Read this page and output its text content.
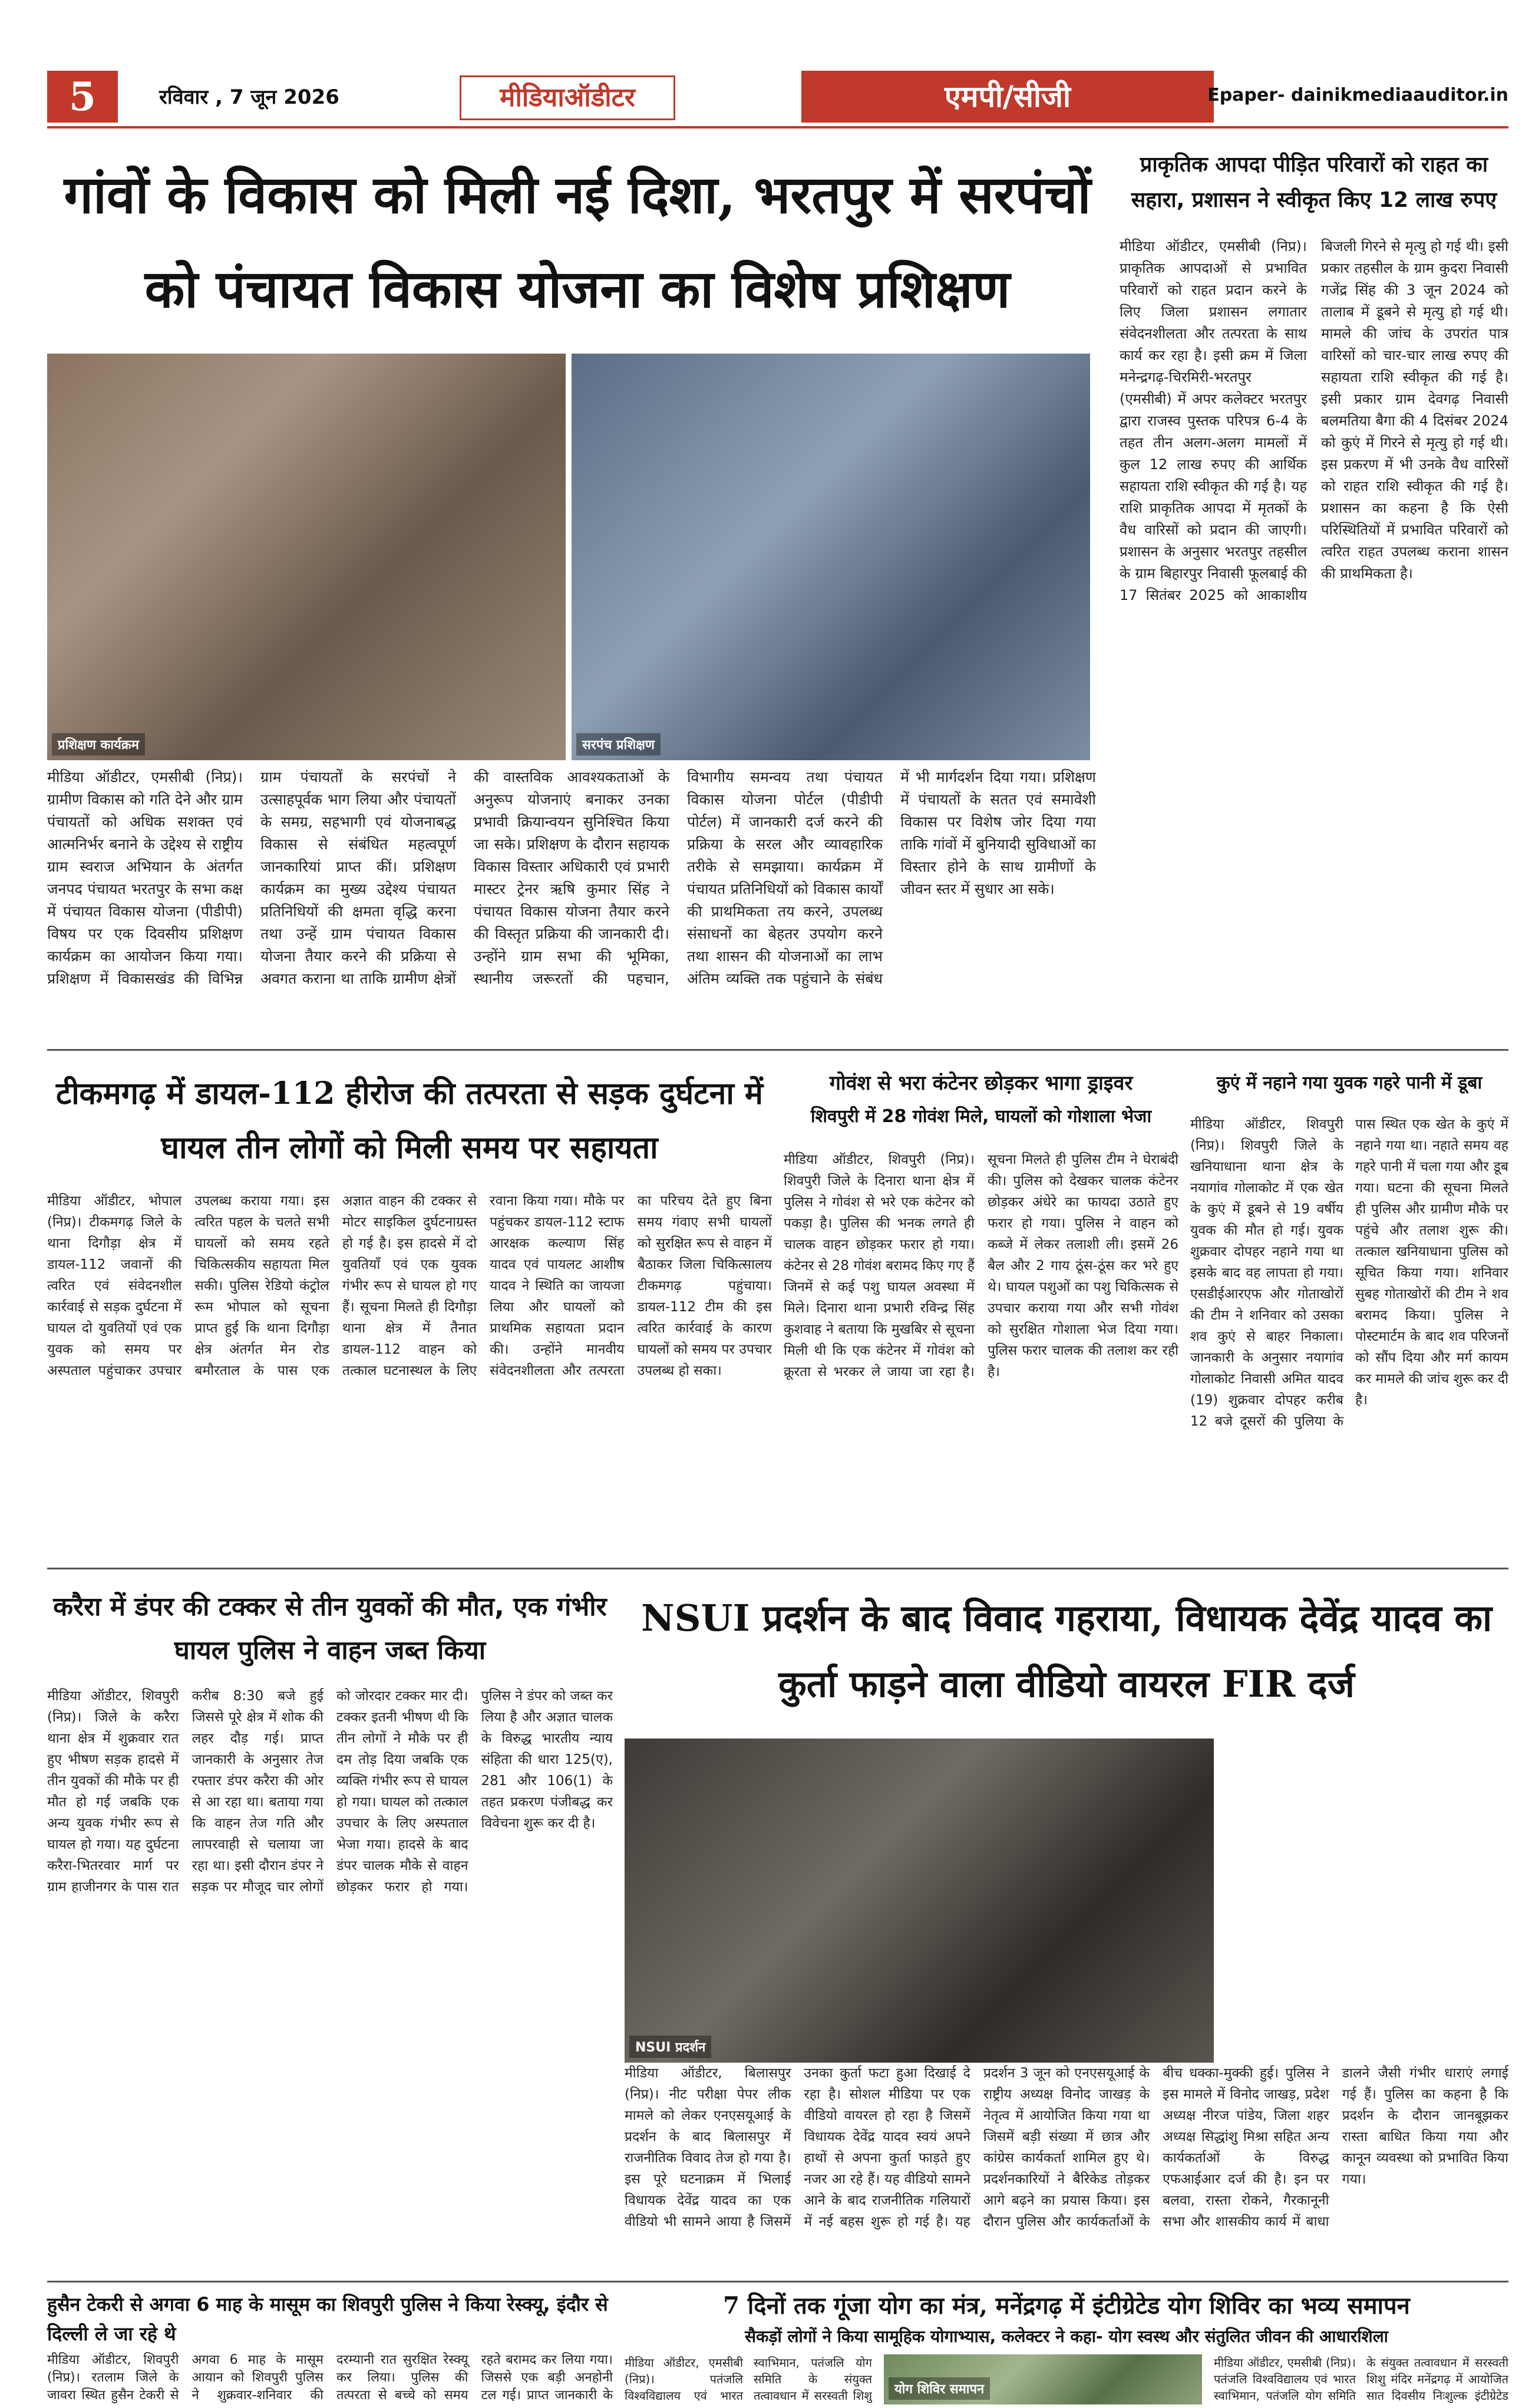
5	रविवार , 7 जून 2026	मीडियाऑडीटर	एमपी/सीजी	Epaper- dainikmediaauditor.in
गांवों के विकास को मिली नई दिशा, भरतपुर में सरपंचों को पंचायत विकास योजना का विशेष प्रशिक्षण
प्रशिक्षण कार्यक्रम	सरपंच प्रशिक्षण
मीडिया ऑडीटर, एमसीबी (निप्र)। ग्रामीण विकास को गति देने और ग्राम पंचायतों को अधिक सशक्त एवं आत्मनिर्भर बनाने के उद्देश्य से राष्ट्रीय ग्राम स्वराज अभियान के अंतर्गत जनपद पंचायत भरतपुर के सभा कक्ष में पंचायत विकास योजना (पीडीपी) विषय पर एक दिवसीय प्रशिक्षण कार्यक्रम का आयोजन किया गया। प्रशिक्षण में विकासखंड की विभिन्न ग्राम पंचायतों के सरपंचों ने उत्साहपूर्वक भाग लिया और पंचायतों के समग्र, सहभागी एवं योजनाबद्ध विकास से संबंधित महत्वपूर्ण जानकारियां प्राप्त कीं। प्रशिक्षण कार्यक्रम का मुख्य उद्देश्य पंचायत प्रतिनिधियों की क्षमता वृद्धि करना तथा उन्हें ग्राम पंचायत विकास योजना तैयार करने की प्रक्रिया से अवगत कराना था ताकि ग्रामीण क्षेत्रों की वास्तविक आवश्यकताओं के अनुरूप योजनाएं बनाकर उनका प्रभावी क्रियान्वयन सुनिश्चित किया जा सके। प्रशिक्षण के दौरान सहायक विकास विस्तार अधिकारी एवं प्रभारी मास्टर ट्रेनर ऋषि कुमार सिंह ने पंचायत विकास योजना तैयार करने की विस्तृत प्रक्रिया की जानकारी दी। उन्होंने ग्राम सभा की भूमिका, स्थानीय जरूरतों की पहचान, विभागीय समन्वय तथा पंचायत विकास योजना पोर्टल (पीडीपी पोर्टल) में जानकारी दर्ज करने की प्रक्रिया के सरल और व्यावहारिक तरीके से समझाया। कार्यक्रम में पंचायत प्रतिनिधियों को विकास कार्यों की प्राथमिकता तय करने, उपलब्ध संसाधनों का बेहतर उपयोग करने तथा शासन की योजनाओं का लाभ अंतिम व्यक्ति तक पहुंचाने के संबंध में भी मार्गदर्शन दिया गया। प्रशिक्षण में पंचायतों के सतत एवं समावेशी विकास पर विशेष जोर दिया गया ताकि गांवों में बुनियादी सुविधाओं का विस्तार होने के साथ ग्रामीणों के जीवन स्तर में सुधार आ सके।
प्राकृतिक आपदा पीड़ित परिवारों को राहत का सहारा, प्रशासन ने स्वीकृत किए 12 लाख रुपए
मीडिया ऑडीटर, एमसीबी (निप्र)। प्राकृतिक आपदाओं से प्रभावित परिवारों को राहत प्रदान करने के लिए जिला प्रशासन लगातार संवेदनशीलता और तत्परता के साथ कार्य कर रहा है। इसी क्रम में जिला मनेन्द्रगढ़-चिरमिरी-भरतपुर (एमसीबी) में अपर कलेक्टर भरतपुर द्वारा राजस्व पुस्तक परिपत्र 6-4 के तहत तीन अलग-अलग मामलों में कुल 12 लाख रुपए की आर्थिक सहायता राशि स्वीकृत की गई है। यह राशि प्राकृतिक आपदा में मृतकों के वैध वारिसों को प्रदान की जाएगी। प्रशासन के अनुसार भरतपुर तहसील के ग्राम बिहारपुर निवासी फूलबाई की 17 सितंबर 2025 को आकाशीय बिजली गिरने से मृत्यु हो गई थी। इसी प्रकार तहसील के ग्राम कुदरा निवासी गजेंद्र सिंह की 3 जून 2024 को तालाब में डूबने से मृत्यु हो गई थी। मामले की जांच के उपरांत पात्र वारिसों को चार-चार लाख रुपए की सहायता राशि स्वीकृत की गई है। इसी प्रकार ग्राम देवगढ़ निवासी बलमतिया बैगा की 4 दिसंबर 2024 को कुएं में गिरने से मृत्यु हो गई थी। इस प्रकरण में भी उनके वैध वारिसों को राहत राशि स्वीकृत की गई है। प्रशासन का कहना है कि ऐसी परिस्थितियों में प्रभावित परिवारों को त्वरित राहत उपलब्ध कराना शासन की प्राथमिकता है।
टीकमगढ़ में डायल-112 हीरोज की तत्परता से सड़क दुर्घटना में घायल तीन लोगों को मिली समय पर सहायता
मीडिया ऑडीटर, भोपाल (निप्र)। टीकमगढ़ जिले के थाना दिगौड़ा क्षेत्र में डायल-112 जवानों की त्वरित एवं संवेदनशील कार्रवाई से सड़क दुर्घटना में घायल दो युवतियों एवं एक युवक को समय पर अस्पताल पहुंचाकर उपचार उपलब्ध कराया गया। इस त्वरित पहल के चलते सभी घायलों को समय रहते चिकित्सकीय सहायता मिल सकी। पुलिस रेडियो कंट्रोल रूम भोपाल को सूचना प्राप्त हुई कि थाना दिगौड़ा क्षेत्र अंतर्गत मेन रोड बमौरताल के पास एक अज्ञात वाहन की टक्कर से मोटर साइकिल दुर्घटनाग्रस्त हो गई है। इस हादसे में दो युवतियाँ एवं एक युवक गंभीर रूप से घायल हो गए हैं। सूचना मिलते ही दिगौड़ा थाना क्षेत्र में तैनात डायल-112 वाहन को तत्काल घटनास्थल के लिए रवाना किया गया। मौके पर पहुंचकर डायल-112 स्टाफ आरक्षक कल्याण सिंह यादव एवं पायलट आशीष यादव ने स्थिति का जायजा लिया और घायलों को प्राथमिक सहायता प्रदान की। उन्होंने मानवीय संवेदनशीलता और तत्परता का परिचय देते हुए बिना समय गंवाए सभी घायलों को सुरक्षित रूप से वाहन में बैठाकर जिला चिकित्सालय टीकमगढ़ पहुंचाया। डायल-112 टीम की इस त्वरित कार्रवाई के कारण घायलों को समय पर उपचार उपलब्ध हो सका।
गोवंश से भरा कंटेनर छोड़कर भागा ड्राइवर
शिवपुरी में 28 गोवंश मिले, घायलों को गोशाला भेजा
मीडिया ऑडीटर, शिवपुरी (निप्र)। शिवपुरी जिले के दिनारा थाना क्षेत्र में पुलिस ने गोवंश से भरे एक कंटेनर को पकड़ा है। पुलिस की भनक लगते ही चालक वाहन छोड़कर फरार हो गया। कंटेनर से 28 गोवंश बरामद किए गए हैं जिनमें से कई पशु घायल अवस्था में मिले। दिनारा थाना प्रभारी रविन्द्र सिंह कुशवाह ने बताया कि मुखबिर से सूचना मिली थी कि एक कंटेनर में गोवंश को क्रूरता से भरकर ले जाया जा रहा है। सूचना मिलते ही पुलिस टीम ने घेराबंदी की। पुलिस को देखकर चालक कंटेनर छोड़कर अंधेरे का फायदा उठाते हुए फरार हो गया। पुलिस ने वाहन को कब्जे में लेकर तलाशी ली। इसमें 26 बैल और 2 गाय ठूंस-ठूंस कर भरे हुए थे। घायल पशुओं का पशु चिकित्सक से उपचार कराया गया और सभी गोवंश को सुरक्षित गोशाला भेज दिया गया। पुलिस फरार चालक की तलाश कर रही है।
कुएं में नहाने गया युवक गहरे पानी में डूबा
मीडिया ऑडीटर, शिवपुरी (निप्र)। शिवपुरी जिले के खनियाधाना थाना क्षेत्र के नयागांव गोलाकोट में एक खेत के कुएं में डूबने से 19 वर्षीय युवक की मौत हो गई। युवक शुक्रवार दोपहर नहाने गया था इसके बाद वह लापता हो गया। एसडीईआरएफ और गोताखोरों की टीम ने शनिवार को उसका शव कुएं से बाहर निकाला। जानकारी के अनुसार नयागांव गोलाकोट निवासी अमित यादव (19) शुक्रवार दोपहर करीब 12 बजे दूसरों की पुलिया के पास स्थित एक खेत के कुएं में नहाने गया था। नहाते समय वह गहरे पानी में चला गया और डूब गया। घटना की सूचना मिलते ही पुलिस और ग्रामीण मौके पर पहुंचे और तलाश शुरू की। तत्काल खनियाधाना पुलिस को सूचित किया गया। शनिवार सुबह गोताखोरों की टीम ने शव बरामद किया। पुलिस ने पोस्टमार्टम के बाद शव परिजनों को सौंप दिया और मर्ग कायम कर मामले की जांच शुरू कर दी है।
करैरा में डंपर की टक्कर से तीन युवकों की मौत, एक गंभीर घायल पुलिस ने वाहन जब्त किया
मीडिया ऑडीटर, शिवपुरी (निप्र)। जिले के करैरा थाना क्षेत्र में शुक्रवार रात हुए भीषण सड़क हादसे में तीन युवकों की मौके पर ही मौत हो गई जबकि एक अन्य युवक गंभीर रूप से घायल हो गया। यह दुर्घटना करैरा-भितरवार मार्ग पर ग्राम हाजीनगर के पास रात करीब 8:30 बजे हुई जिससे पूरे क्षेत्र में शोक की लहर दौड़ गई। प्राप्त जानकारी के अनुसार तेज रफ्तार डंपर करैरा की ओर से आ रहा था। बताया गया कि वाहन तेज गति और लापरवाही से चलाया जा रहा था। इसी दौरान डंपर ने सड़क पर मौजूद चार लोगों को जोरदार टक्कर मार दी। टक्कर इतनी भीषण थी कि तीन लोगों ने मौके पर ही दम तोड़ दिया जबकि एक व्यक्ति गंभीर रूप से घायल हो गया। घायल को तत्काल उपचार के लिए अस्पताल भेजा गया। हादसे के बाद डंपर चालक मौके से वाहन छोड़कर फरार हो गया। पुलिस ने डंपर को जब्त कर लिया है और अज्ञात चालक के विरुद्ध भारतीय न्याय संहिता की धारा 125(ए), 281 और 106(1) के तहत प्रकरण पंजीबद्ध कर विवेचना शुरू कर दी है।
NSUI प्रदर्शन के बाद विवाद गहराया, विधायक देवेंद्र यादव का कुर्ता फाड़ने वाला वीडियो वायरल FIR दर्ज
NSUI प्रदर्शन
मीडिया ऑडीटर, बिलासपुर (निप्र)। नीट परीक्षा पेपर लीक मामले को लेकर एनएसयूआई के प्रदर्शन के बाद बिलासपुर में राजनीतिक विवाद तेज हो गया है। इस पूरे घटनाक्रम में भिलाई विधायक देवेंद्र यादव का एक वीडियो भी सामने आया है जिसमें उनका कुर्ता फटा हुआ दिखाई दे रहा है। सोशल मीडिया पर एक वीडियो वायरल हो रहा है जिसमें विधायक देवेंद्र यादव स्वयं अपने हाथों से अपना कुर्ता फाड़ते हुए नजर आ रहे हैं। यह वीडियो सामने आने के बाद राजनीतिक गलियारों में नई बहस शुरू हो गई है। यह प्रदर्शन 3 जून को एनएसयूआई के राष्ट्रीय अध्यक्ष विनोद जाखड़ के नेतृत्व में आयोजित किया गया था जिसमें बड़ी संख्या में छात्र और कांग्रेस कार्यकर्ता शामिल हुए थे। प्रदर्शनकारियों ने बैरिकेड तोड़कर आगे बढ़ने का प्रयास किया। इस दौरान पुलिस और कार्यकर्ताओं के बीच धक्का-मुक्की हुई। पुलिस ने इस मामले में विनोद जाखड़, प्रदेश अध्यक्ष नीरज पांडेय, जिला शहर अध्यक्ष सिद्धांशु मिश्रा सहित अन्य कार्यकर्ताओं के विरुद्ध एफआईआर दर्ज की है। इन पर बलवा, रास्ता रोकने, गैरकानूनी सभा और शासकीय कार्य में बाधा डालने जैसी गंभीर धाराएं लगाई गई हैं। पुलिस का कहना है कि प्रदर्शन के दौरान जानबूझकर रास्ता बाधित किया गया और कानून व्यवस्था को प्रभावित किया गया।
हुसैन टेकरी से अगवा 6 माह के मासूम का शिवपुरी पुलिस ने किया रेस्क्यू, इंदौर से दिल्ली ले जा रहे थे
मीडिया ऑडीटर, शिवपुरी (निप्र)। रतलाम जिले के जावरा स्थित हुसैन टेकरी से अगवा 6 माह के मासूम आयान को शिवपुरी पुलिस ने शुक्रवार-शनिवार की दरम्यानी रात सुरक्षित रेस्क्यू कर लिया। पुलिस की तत्परता से बच्चे को समय रहते बरामद कर लिया गया। जिससे एक बड़ी अनहोनी टल गई। प्राप्त जानकारी के
7 दिनों तक गूंजा योग का मंत्र, मनेंद्रगढ़ में इंटीग्रेटेड योग शिविर का भव्य समापन
सैकड़ों लोगों ने किया सामूहिक योगाभ्यास, कलेक्टर ने कहा- योग स्वस्थ और संतुलित जीवन की आधारशिला
योग शिविर समापन
मीडिया ऑडीटर, एमसीबी (निप्र)। पतंजलि विश्वविद्यालय एवं भारत स्वाभिमान, पतंजलि योग समिति के संयुक्त तत्वावधान में सरस्वती शिशु
मीडिया ऑडीटर, एमसीबी (निप्र)। पतंजलि विश्वविद्यालय एवं भारत स्वाभिमान, पतंजलि योग समिति के संयुक्त तत्वावधान में सरस्वती शिशु मंदिर मनेंद्रगढ़ में आयोजित सात दिवसीय निःशुल्क इंटीग्रेटेड
